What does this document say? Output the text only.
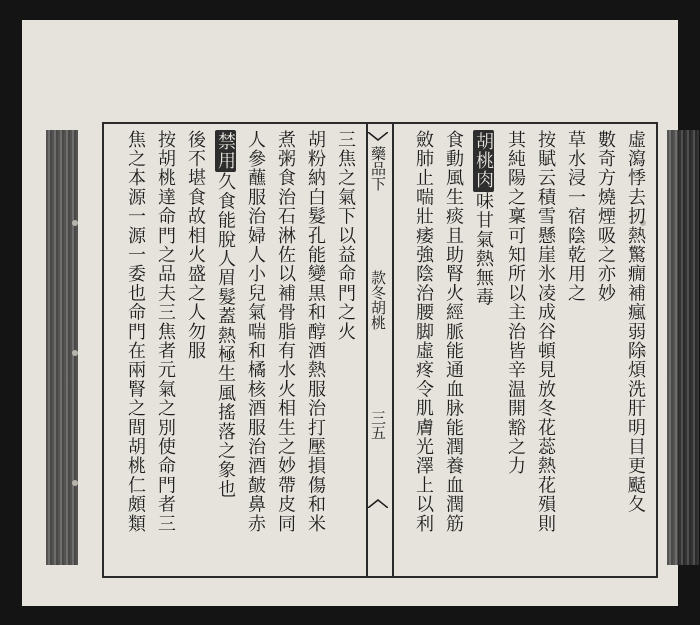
藥品下
款冬胡桃
三五	虛瀉悸去扨熱驚癇補瘋弱除煩洗肝明目更颳夂
數奇方燒煙吸之亦妙
草水浸一宿陰乾用之
按賦云積雪懸崖氷凌成谷頓見放冬花蕊熱花殞則
其純陽之稟可知所以主治皆辛温開豁之力
胡桃肉味甘氣熱無毒
食動風生痰且助腎火經脈能通血脉能潤養血潤筋
斂肺止喘壯痿強陰治腰脚虛疼令肌膚光澤上以利
三焦之氣下以益命門之火
胡粉納白髮孔能變黒和醇酒熱服治打壓損傷和米
煮粥食治石淋佐以補骨脂有水火相生之妙帶皮同
人參蘸服治婦人小兒氣喘和橘核酒服治酒皶鼻赤
禁用久食能脫人眉髮蓋熱極生風搖落之象也
後不堪食故相火盛之人勿服
按胡桃達命門之品夫三焦者元氣之別使命門者三
焦之本源一源一委也命門在兩腎之間胡桃仁頗類
